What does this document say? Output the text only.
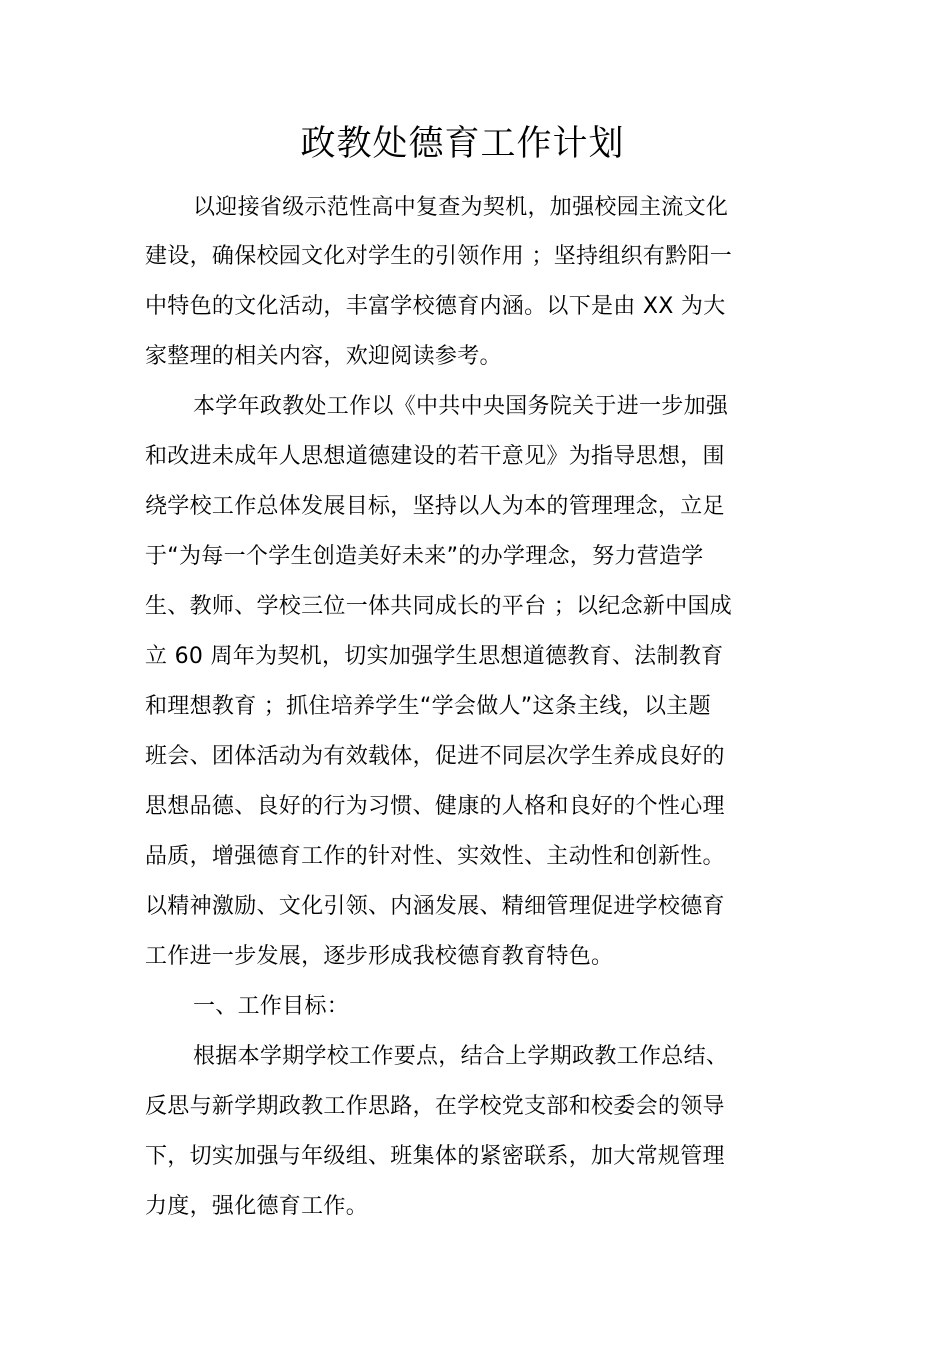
政教处德育工作计划
以迎接省级示范性高中复查为契机，加强校园主流文化
建设，确保校园文化对学生的引领作用 ；坚持组织有黔阳一
中特色的文化活动，丰富学校德育内涵。以下是由 XX 为大
家整理的相关内容，欢迎阅读参考。
本学年政教处工作以《中共中央国务院关于进一步加强
和改进未成年人思想道德建设的若干意见》为指导思想，围
绕学校工作总体发展目标，坚持以人为本的管理理念，立足
于“为每一个学生创造美好未来”的办学理念，努力营造学
生、教师、学校三位一体共同成长的平台 ；以纪念新中国成
立 60 周年为契机，切实加强学生思想道德教育、法制教育
和理想教育 ；抓住培养学生“学会做人”这条主线，以主题
班会、团体活动为有效载体，促进不同层次学生养成良好的
思想品德、良好的行为习惯、健康的人格和良好的个性心理
品质，增强德育工作的针对性、实效性、主动性和创新性。
以精神激励、文化引领、内涵发展、精细管理促进学校德育
工作进一步发展，逐步形成我校德育教育特色。
一、工作目标：
根据本学期学校工作要点，结合上学期政教工作总结、
反思与新学期政教工作思路，在学校党支部和校委会的领导
下，切实加强与年级组、班集体的紧密联系，加大常规管理
力度，强化德育工作。
